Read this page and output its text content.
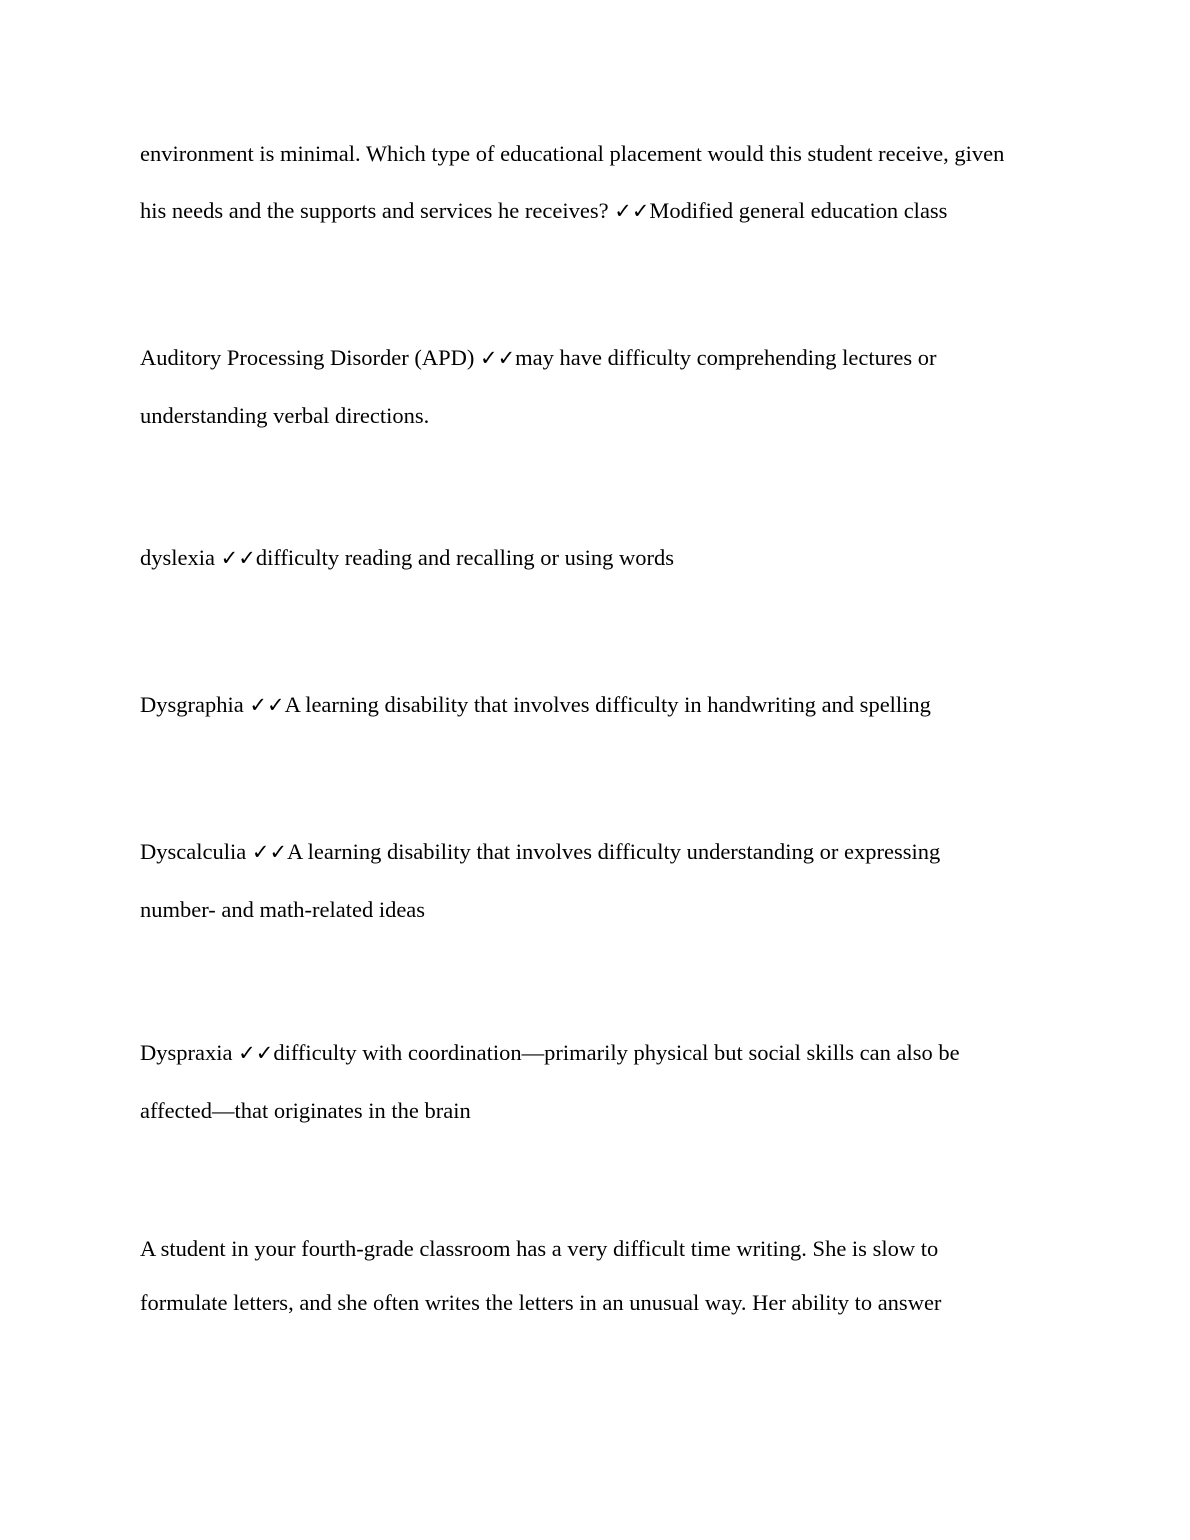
environment is minimal. Which type of educational placement would this student receive, given
his needs and the supports and services he receives? ✓✓Modified general education class
Auditory Processing Disorder (APD) ✓✓may have difficulty comprehending lectures or
understanding verbal directions.
dyslexia ✓✓difficulty reading and recalling or using words
Dysgraphia ✓✓A learning disability that involves difficulty in handwriting and spelling
Dyscalculia ✓✓A learning disability that involves difficulty understanding or expressing
number- and math-related ideas
Dyspraxia ✓✓difficulty with coordination—primarily physical but social skills can also be
affected—that originates in the brain
A student in your fourth-grade classroom has a very difficult time writing. She is slow to
formulate letters, and she often writes the letters in an unusual way. Her ability to answer
